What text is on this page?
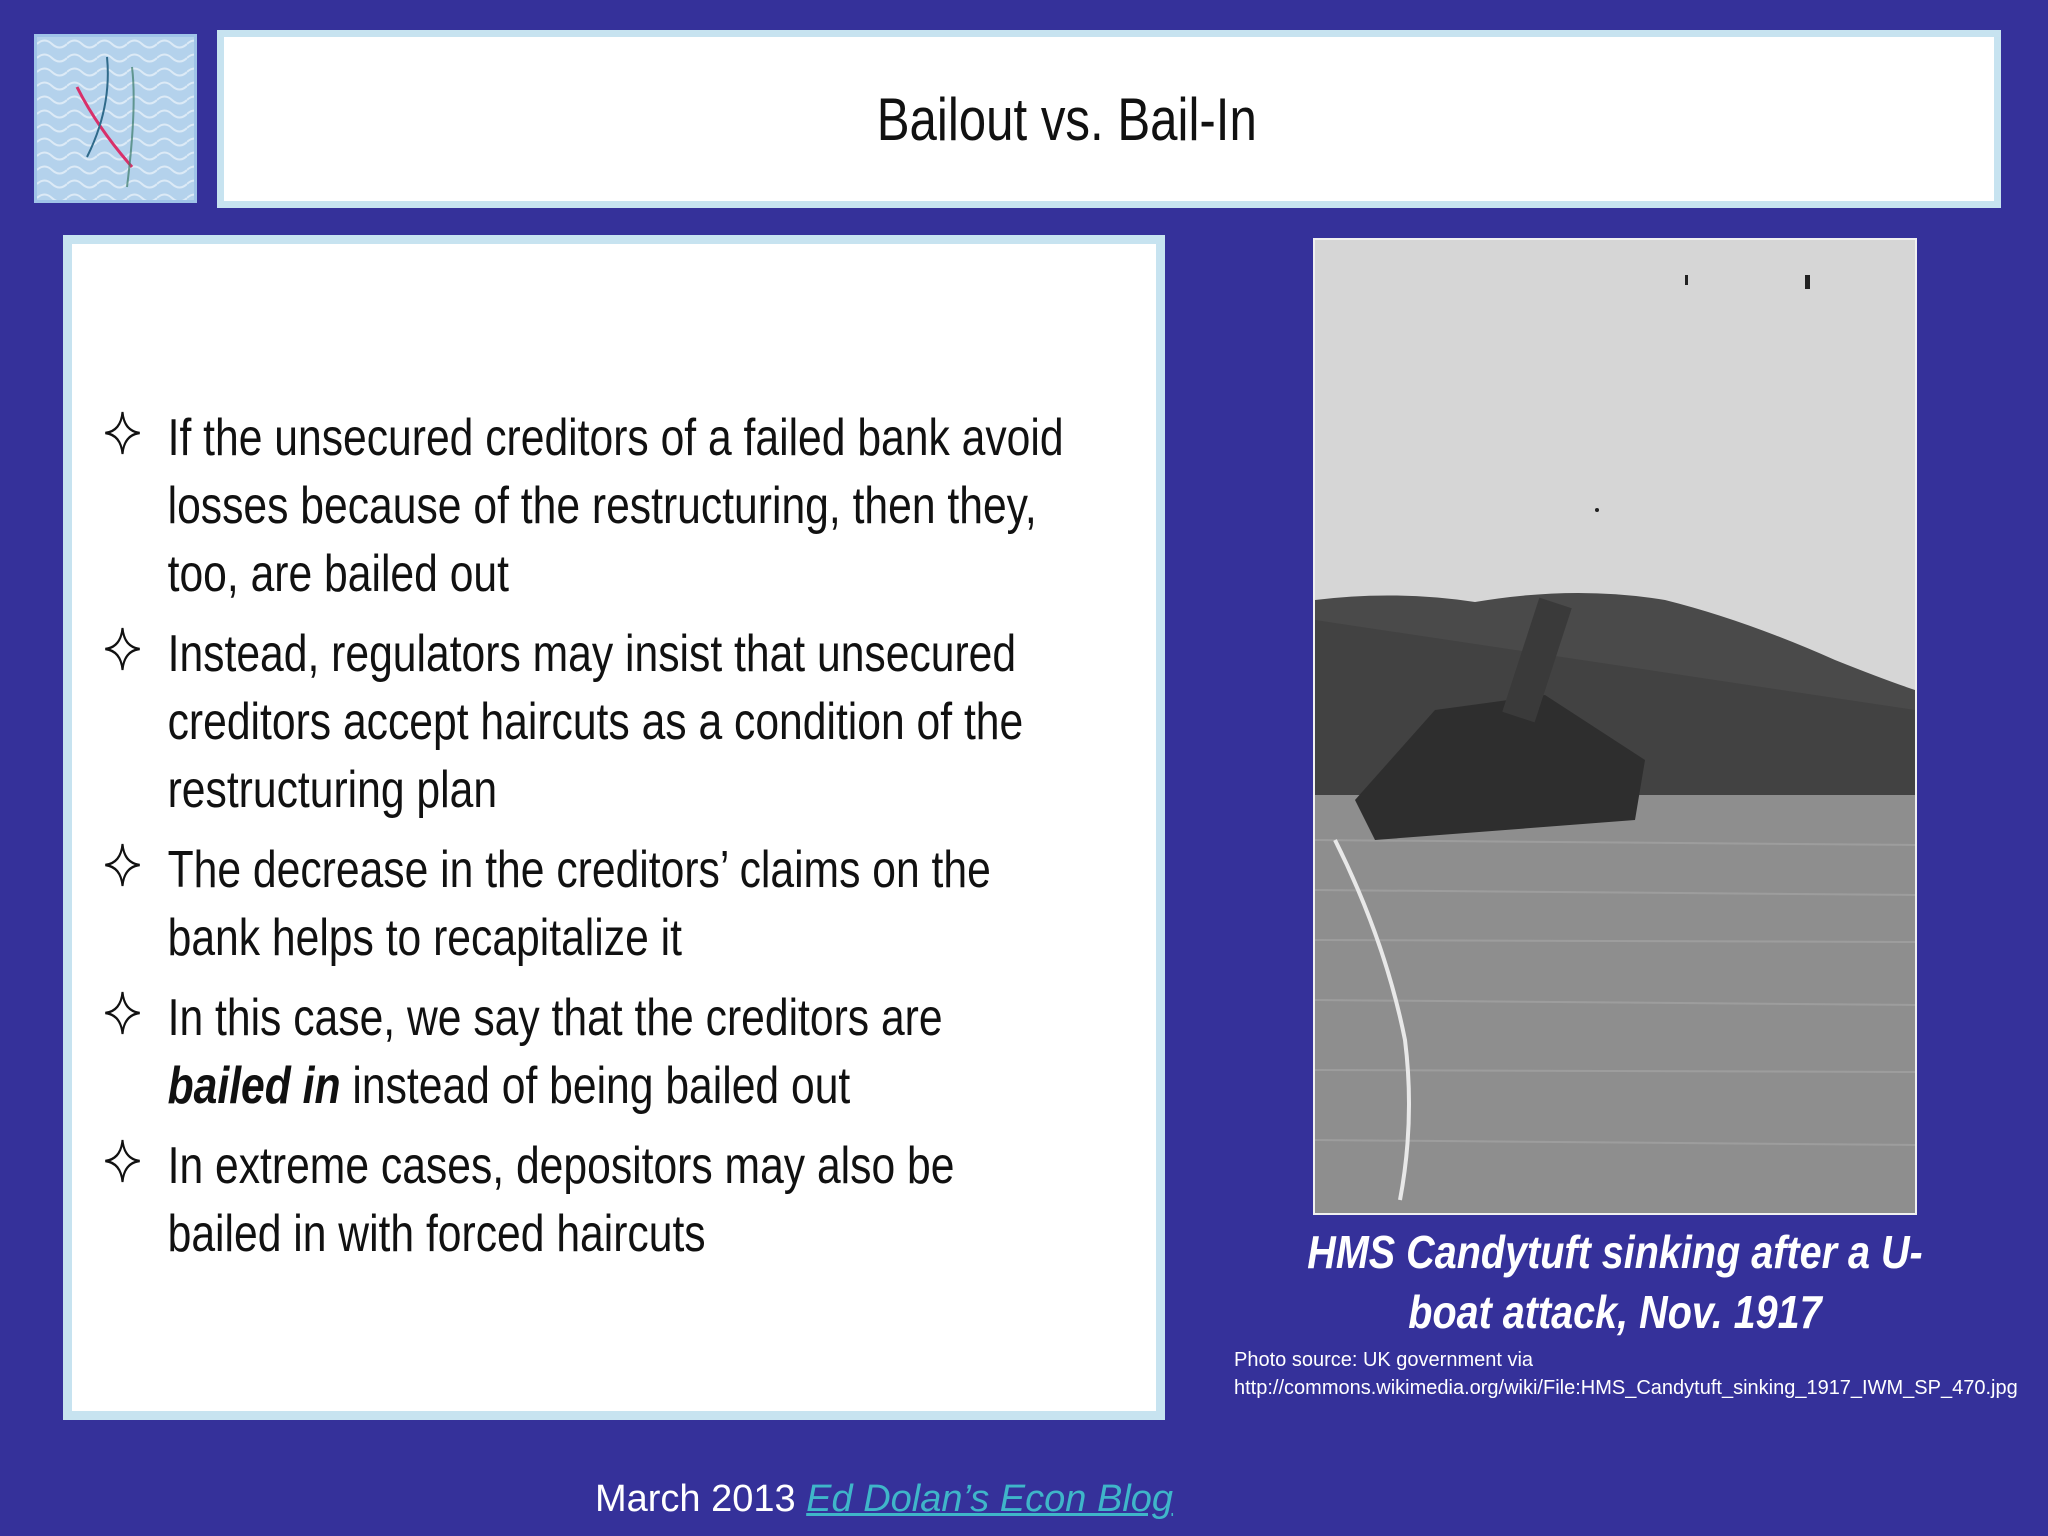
Bailout vs. Bail-In
If the unsecured creditors of a failed bank avoid losses because of the restructuring, then they, too, are bailed out
Instead, regulators may insist that unsecured creditors accept haircuts as a condition of the restructuring plan
The decrease in the creditors’ claims on the bank helps to recapitalize it
In this case, we say that the creditors are bailed in instead of being bailed out
In extreme cases, depositors may also be bailed in with forced haircuts	HMS Candytuft sinking after a U-boat attack, Nov. 1917
Photo source: UK government via
http://commons.wikimedia.org/wiki/File:HMS_Candytuft_sinking_1917_IWM_SP_470.jpg
March 2013 Ed Dolan’s Econ Blog
